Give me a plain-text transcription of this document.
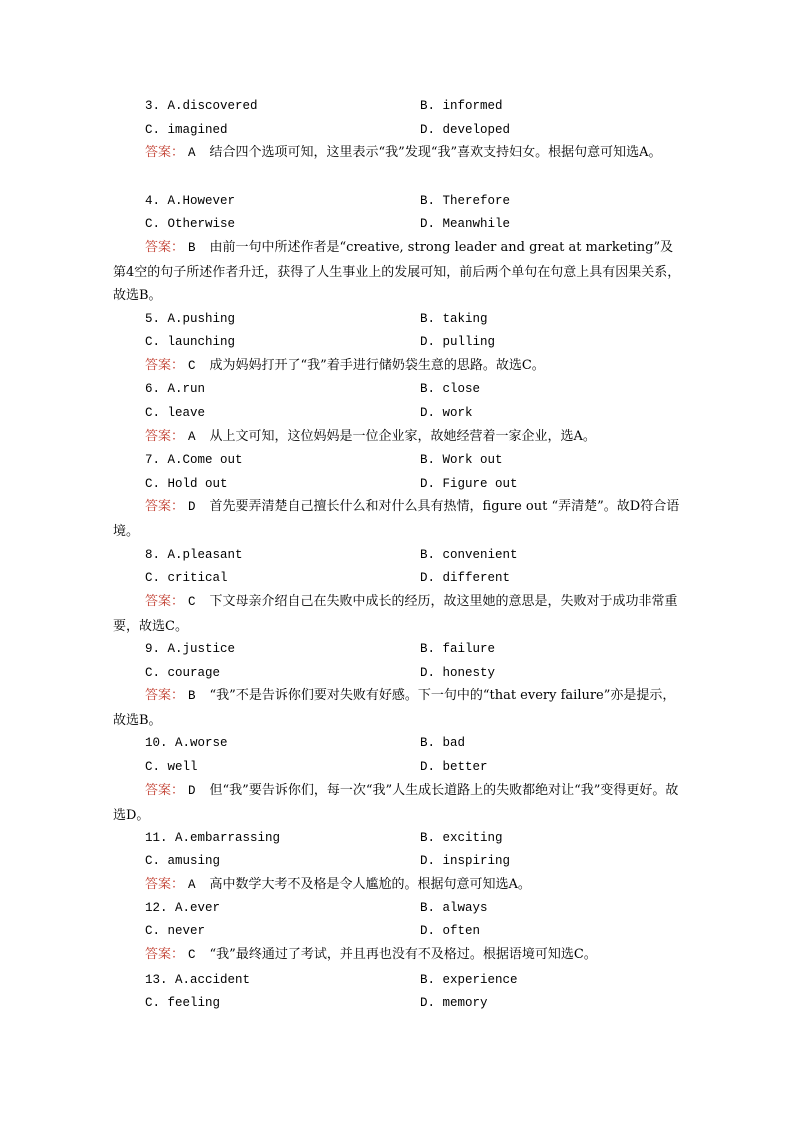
3. A.discovered	B. informed
C. imagined	D. developed
答案： A 结合四个选项可知，这里表示“我”发现“我”喜欢支持妇女。根据句意可知选A。
4. A.However	B. Therefore
C. Otherwise	D. Meanwhile
答案： B 由前一句中所述作者是“creative, strong leader and great at marketing”及第4空的句子所述作者升迁，获得了人生事业上的发展可知，前后两个单句在句意上具有因果关系，故选B。
5. A.pushing	B. taking
C. launching	D. pulling
答案： C 成为妈妈打开了“我”着手进行储奶袋生意的思路。故选C。
6. A.run	B. close
C. leave	D. work
答案： A 从上文可知，这位妈妈是一位企业家，故她经营着一家企业，选A。
7. A.Come out	B. Work out
C. Hold out	D. Figure out
答案： D 首先要弄清楚自己擅长什么和对什么具有热情，figure out “弄清楚”。故D符合语境。
8. A.pleasant	B. convenient
C. critical	D. different
答案： C 下文母亲介绍自己在失败中成长的经历，故这里她的意思是，失败对于成功非常重要，故选C。
9. A.justice	B. failure
C. courage	D. honesty
答案： B “我”不是告诉你们要对失败有好感。下一句中的“that every failure”亦是提示，故选B。
10. A.worse	B. bad
C. well	D. better
答案： D 但“我”要告诉你们，每一次“我”人生成长道路上的失败都绝对让“我”变得更好。故选D。
11. A.embarrassing	B. exciting
C. amusing	D. inspiring
答案： A 高中数学大考不及格是令人尴尬的。根据句意可知选A。
12. A.ever	B. always
C. never	D. often
答案： C “我”最终通过了考试，并且再也没有不及格过。根据语境可知选C。
13. A.accident	B. experience
C. feeling	D. memory
